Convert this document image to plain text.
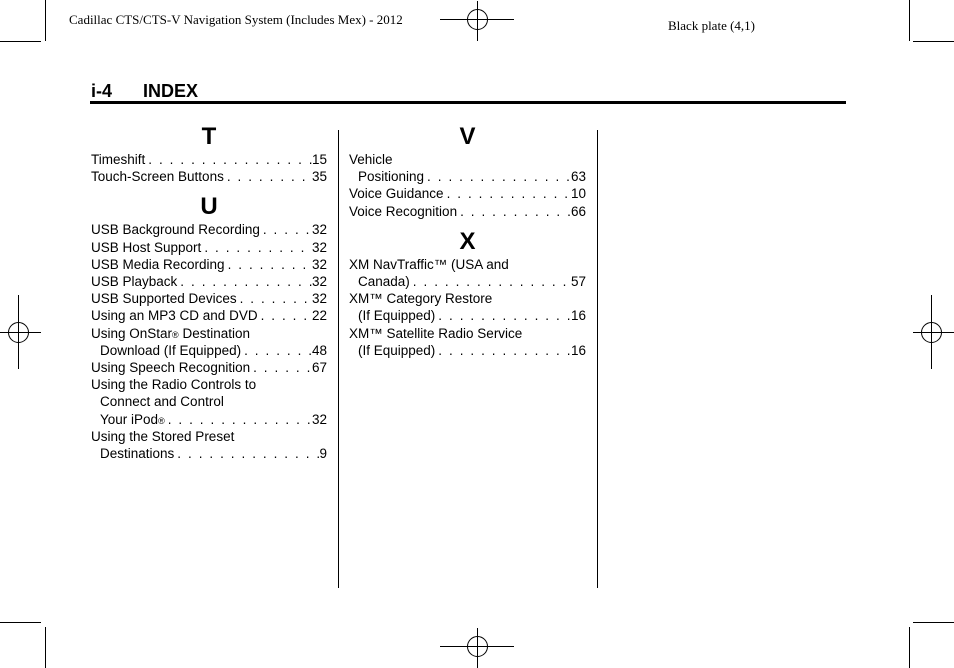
Cadillac CTS/CTS-V Navigation System (Includes Mex) - 2012	Black plate (4,1)
i-4 INDEX
T
Timeshift . . .	15
Touch-Screen Buttons . . .	35
U
USB Background Recording . . .	32
USB Host Support . . .	32
USB Media Recording . . .	32
USB Playback . . .	32
USB Supported Devices . . .	32
Using an MP3 CD and DVD . . .	22
Using OnStar ® Destination
Download (If Equipped) . . .	48
Using Speech Recognition . . .	67
Using the Radio Controls to
Connect and Control
Your iPod ® . . .	32
Using the Stored Preset
Destinations . . .	9
V
Vehicle
Positioning . . .	63
Voice Guidance . . .	10
Voice Recognition . . .	66
X
XM NavTraffic™ (USA and
Canada) . . .	57
XM™ Category Restore
(If Equipped) . . .	16
XM™ Satellite Radio Service
(If Equipped) . . .	16
